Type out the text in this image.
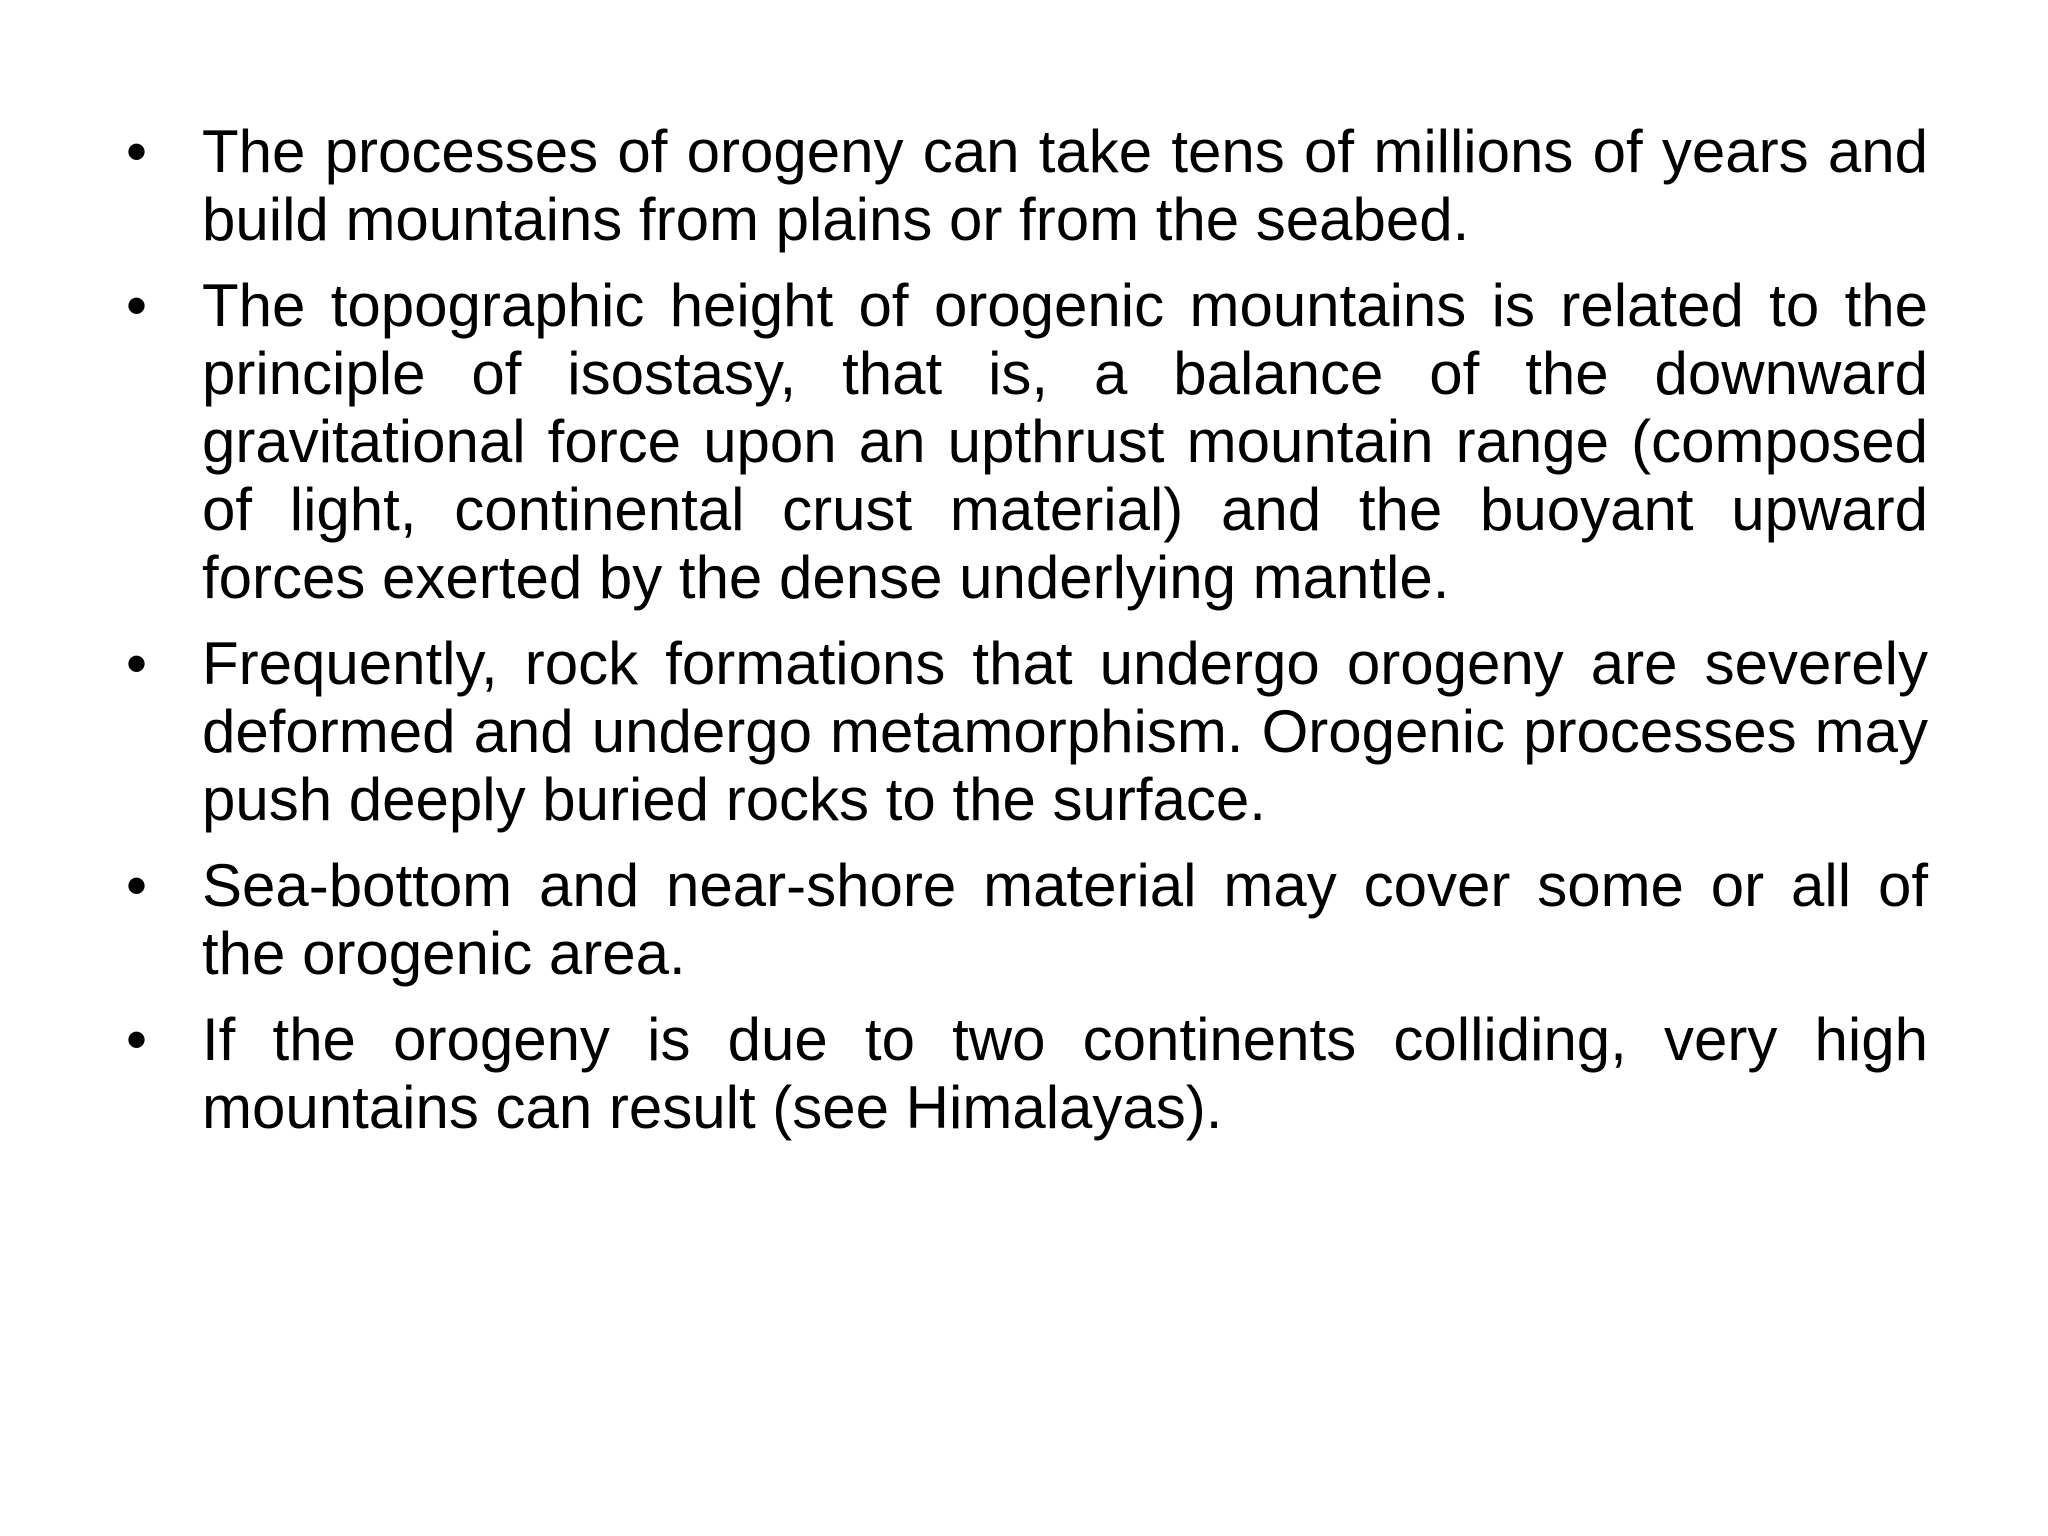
• The processes of orogeny can take tens of millions of years and build mountains from plains or from the seabed.
• The topographic height of orogenic mountains is related to the principle of isostasy, that is, a balance of the downward gravitational force upon an upthrust mountain range (composed of light, continental crust material) and the buoyant upward forces exerted by the dense underlying mantle.
• Frequently, rock formations that undergo orogeny are severely deformed and undergo metamorphism. Orogenic processes may push deeply buried rocks to the surface.
• Sea-bottom and near-shore material may cover some or all of the orogenic area.
• If the orogeny is due to two continents colliding, very high mountains can result (see Himalayas).
